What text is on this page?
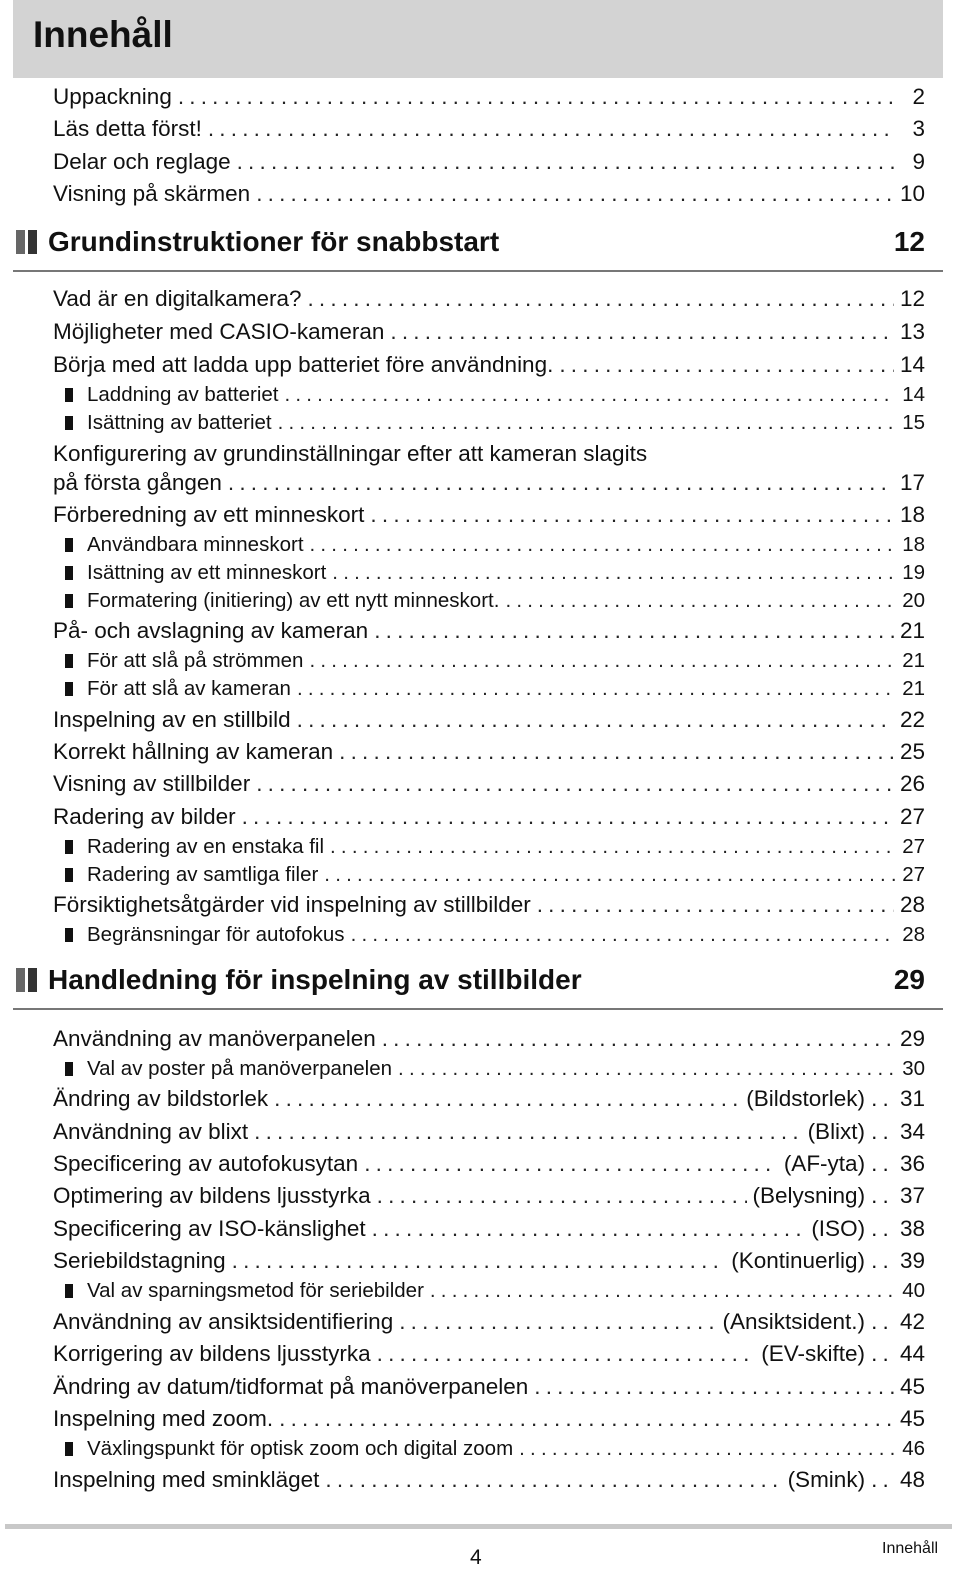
Innehåll
Uppackning .....	2
Läs detta först! .....	3
Delar och reglage .....	9
Visning på skärmen .....	10
Vad är en digitalkamera? .....	12
Möjligheter med CASIO-kameran .....	13
Börja med att ladda upp batteriet före användning. .....	14
Laddning av batteriet .....	14
Isättning av batteriet .....	15
Konfigurering av grundinställningar efter att kameran slagits
på första gången .....	17
Förberedning av ett minneskort .....	18
Användbara minneskort .....	18
Isättning av ett minneskort .....	19
Formatering (initiering) av ett nytt minneskort. .....	20
På- och avslagning av kameran .....	21
För att slå på strömmen .....	21
För att slå av kameran .....	21
Inspelning av en stillbild .....	22
Korrekt hållning av kameran .....	25
Visning av stillbilder .....	26
Radering av bilder .....	27
Radering av en enstaka fil .....	27
Radering av samtliga filer .....	27
Försiktighetsåtgärder vid inspelning av stillbilder .....	28
Begränsningar för autofokus .....	28
Användning av manöverpanelen .....	29
Val av poster på manöverpanelen .....	30
Ändring av bildstorlek .....	(Bildstorlek) .. 31
Användning av blixt .....	(Blixt) .. 34
Specificering av autofokusytan .....	(AF-yta) .. 36
Optimering av bildens ljusstyrka .....	(Belysning) .. 37
Specificering av ISO-känslighet .....	(ISO) .. 38
Seriebildstagning .....	(Kontinuerlig) .. 39
Val av sparningsmetod för seriebilder .....	40
Användning av ansiktsidentifiering .....	(Ansiktsident.) .. 42
Korrigering av bildens ljusstyrka .....	(EV-skifte) .. 44
Ändring av datum/tidformat på manöverpanelen .....	45
Inspelning med zoom. .....	45
Växlingspunkt för optisk zoom och digital zoom .....	46
Inspelning med sminkläget .....	(Smink) .. 48
Grundinstruktioner för snabbstart	12
Handledning för inspelning av stillbilder	29
4	Innehåll
